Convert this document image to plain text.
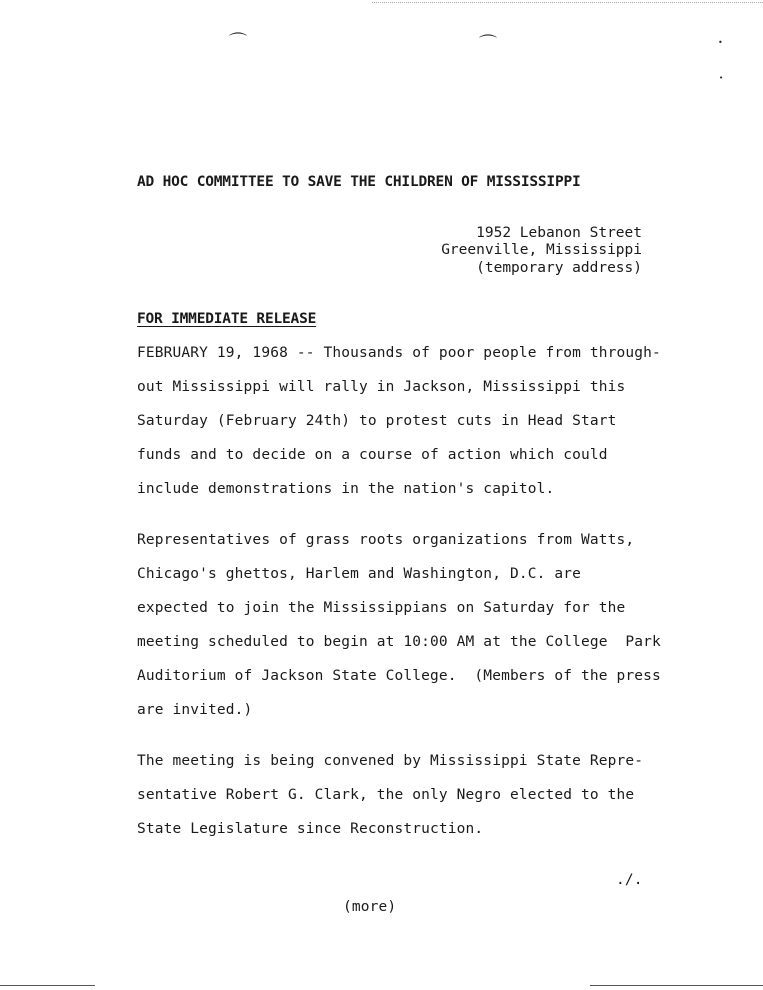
⌒	⌒	•
•
AD HOC COMMITTEE TO SAVE THE CHILDREN OF MISSISSIPPI
1952 Lebanon Street
Greenville, Mississippi
(temporary address)
FOR IMMEDIATE RELEASE
FEBRUARY 19, 1968 -- Thousands of poor people from through-
out Mississippi will rally in Jackson, Mississippi this
Saturday (February 24th) to protest cuts in Head Start
funds and to decide on a course of action which could
include demonstrations in the nation's capitol.
Representatives of grass roots organizations from Watts,
Chicago's ghettos, Harlem and Washington, D.C. are
expected to join the Mississippians on Saturday for the
meeting scheduled to begin at 10:00 AM at the College  Park
Auditorium of Jackson State College.  (Members of the press
are invited.)
The meeting is being convened by Mississippi State Repre-
sentative Robert G. Clark, the only Negro elected to the
State Legislature since Reconstruction.
./.
(more)
